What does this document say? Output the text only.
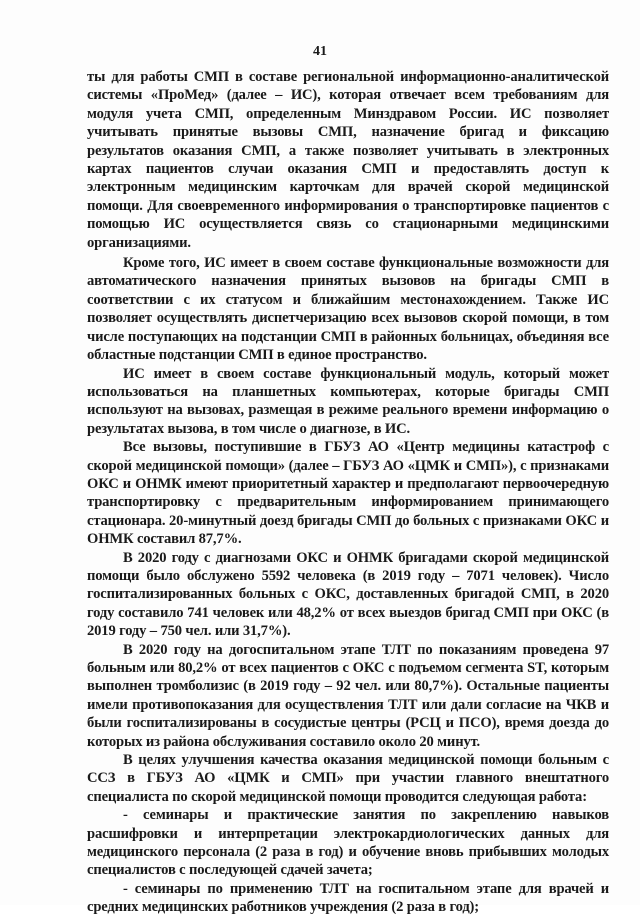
41

ты для работы СМП в составе региональной информационно-аналитической системы «ПроМед» (далее – ИС), которая отвечает всем требованиям для модуля учета СМП, определенным Минздравом России. ИС позволяет учитывать принятые вызовы СМП, назначение бригад и фиксацию результатов оказания СМП, а также позволяет учитывать в электронных картах пациентов случаи оказания СМП и предоставлять доступ к электронным медицинским карточкам для врачей скорой медицинской помощи. Для своевременного информирования о транспортировке пациентов с помощью ИС осуществляется связь со стационарными медицинскими организациями.

Кроме того, ИС имеет в своем составе функциональные возможности для автоматического назначения принятых вызовов на бригады СМП в соответствии с их статусом и ближайшим местонахождением. Также ИС позволяет осуществлять диспетчеризацию всех вызовов скорой помощи, в том числе поступающих на подстанции СМП в районных больницах, объединяя все областные подстанции СМП в единое пространство.

ИС имеет в своем составе функциональный модуль, который может использоваться на планшетных компьютерах, которые бригады СМП используют на вызовах, размещая в режиме реального времени информацию о результатах вызова, в том числе о диагнозе, в ИС.

Все вызовы, поступившие в ГБУЗ АО «Центр медицины катастроф с скорой медицинской помощи» (далее – ГБУЗ АО «ЦМК и СМП»), с признаками ОКС и ОНМК имеют приоритетный характер и предполагают первоочередную транспортировку с предварительным информированием принимающего стационара. 20-минутный доезд бригады СМП до больных с признаками ОКС и ОНМК составил 87,7%.

В 2020 году с диагнозами ОКС и ОНМК бригадами скорой медицинской помощи было обслужено 5592 человека (в 2019 году – 7071 человек). Число госпитализированных больных с ОКС, доставленных бригадой СМП, в 2020 году составило 741 человек или 48,2% от всех выездов бригад СМП при ОКС (в 2019 году – 750 чел. или 31,7%).

В 2020 году на догоспитальном этапе ТЛТ по показаниям проведена 97 больным или 80,2% от всех пациентов с ОКС с подъемом сегмента ST, которым выполнен тромболизис (в 2019 году – 92 чел. или 80,7%). Остальные пациенты имели противопоказания для осуществления ТЛТ или дали согласие на ЧКВ и были госпитализированы в сосудистые центры (РСЦ и ПСО), время доезда до которых из района обслуживания составило около 20 минут.

В целях улучшения качества оказания медицинской помощи больным с ССЗ в ГБУЗ АО «ЦМК и СМП» при участии главного внештатного специалиста по скорой медицинской помощи проводится следующая работа:

- семинары и практические занятия по закреплению навыков расшифровки и интерпретации электрокардиологических данных для медицинского персонала (2 раза в год) и обучение вновь прибывших молодых специалистов с последующей сдачей зачета;

- семинары по применению ТЛТ на госпитальном этапе для врачей и средних медицинских работников учреждения (2 раза в год);
